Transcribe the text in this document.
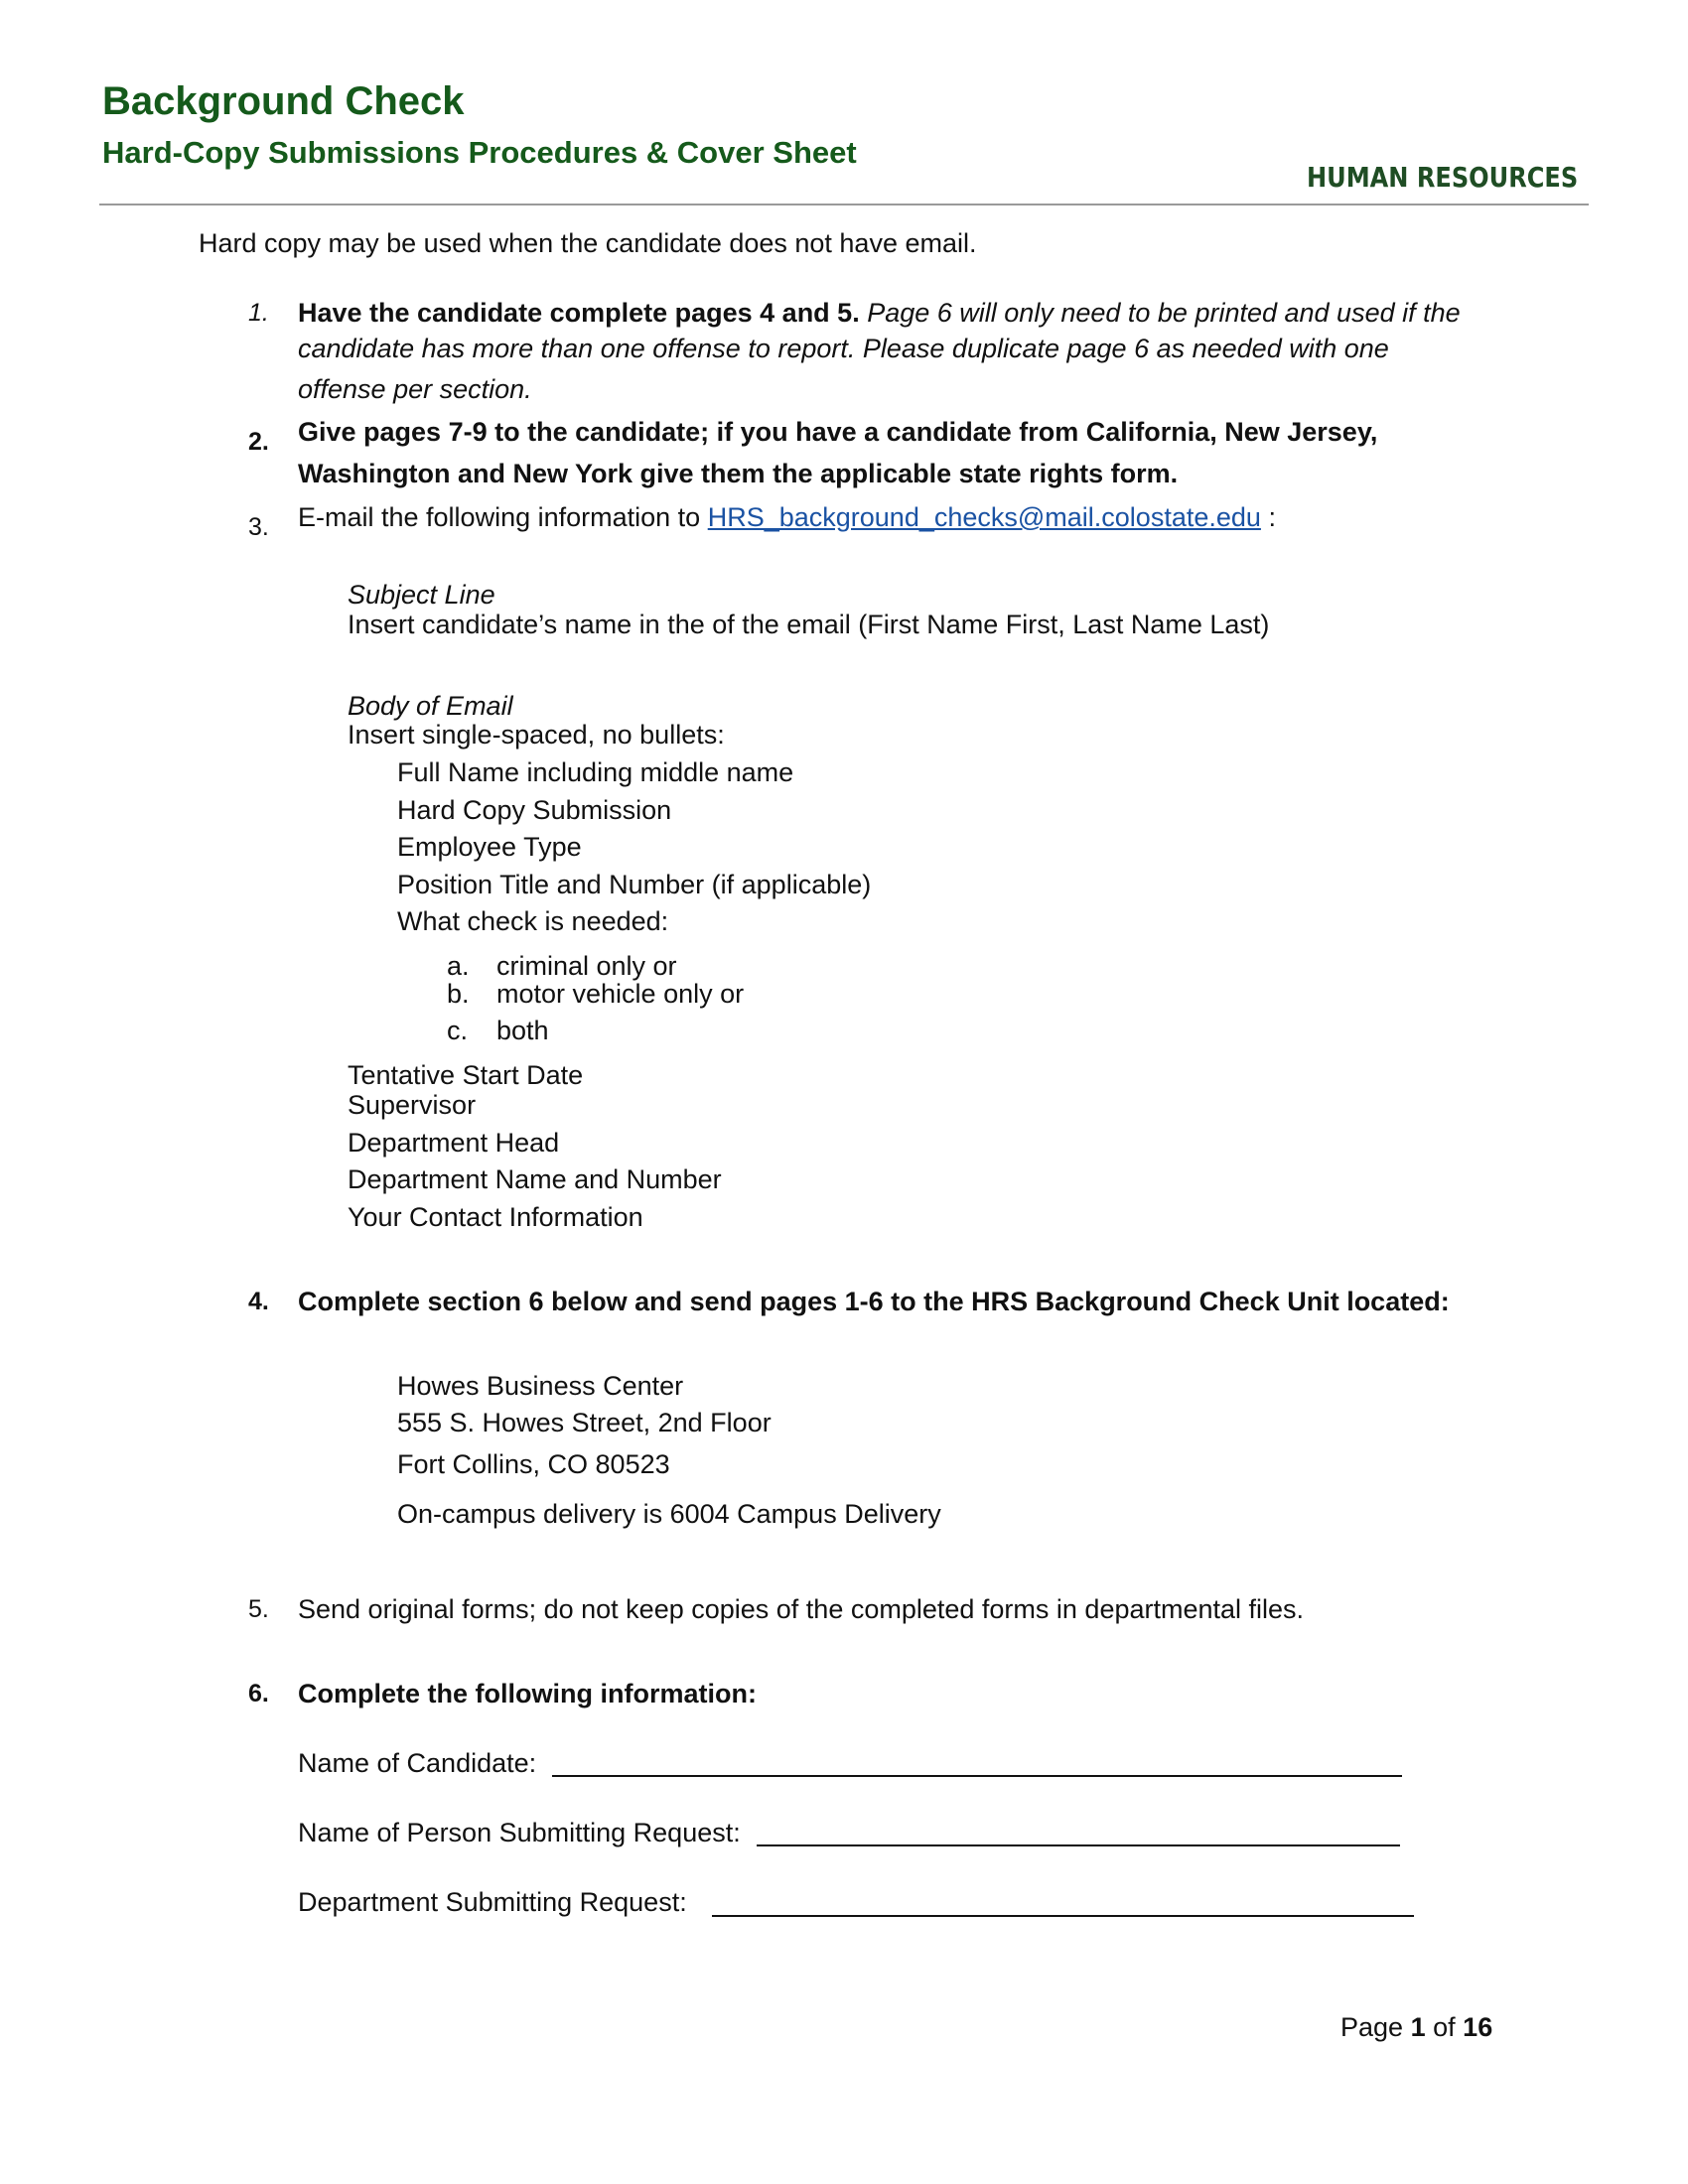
Background Check
Hard-Copy Submissions Procedures & Cover Sheet
HUMAN RESOURCES
Hard copy may be used when the candidate does not have email.
1. Have the candidate complete pages 4 and 5. Page 6 will only need to be printed and used if the
candidate has more than one offense to report. Please duplicate page 6 as needed with one
offense per section.
2. Give pages 7-9 to the candidate; if you have a candidate from California, New Jersey,
Washington and New York give them the applicable state rights form.
3. E-mail the following information to HRS_background_checks@mail.colostate.edu :
Subject Line
Insert candidate’s name in the of the email (First Name First, Last Name Last)
Body of Email
Insert single-spaced, no bullets:
Full Name including middle name
Hard Copy Submission
Employee Type
Position Title and Number (if applicable)
What check is needed:
a. criminal only or
b. motor vehicle only or
c. both
Tentative Start Date
Supervisor
Department Head
Department Name and Number
Your Contact Information
4. Complete section 6 below and send pages 1-6 to the HRS Background Check Unit located:
Howes Business Center
555 S. Howes Street, 2nd Floor
Fort Collins, CO 80523
On-campus delivery is 6004 Campus Delivery
5. Send original forms; do not keep copies of the completed forms in departmental files.
6. Complete the following information:
Name of Candidate:
Name of Person Submitting Request:
Department Submitting Request:
Page 1 of 16
